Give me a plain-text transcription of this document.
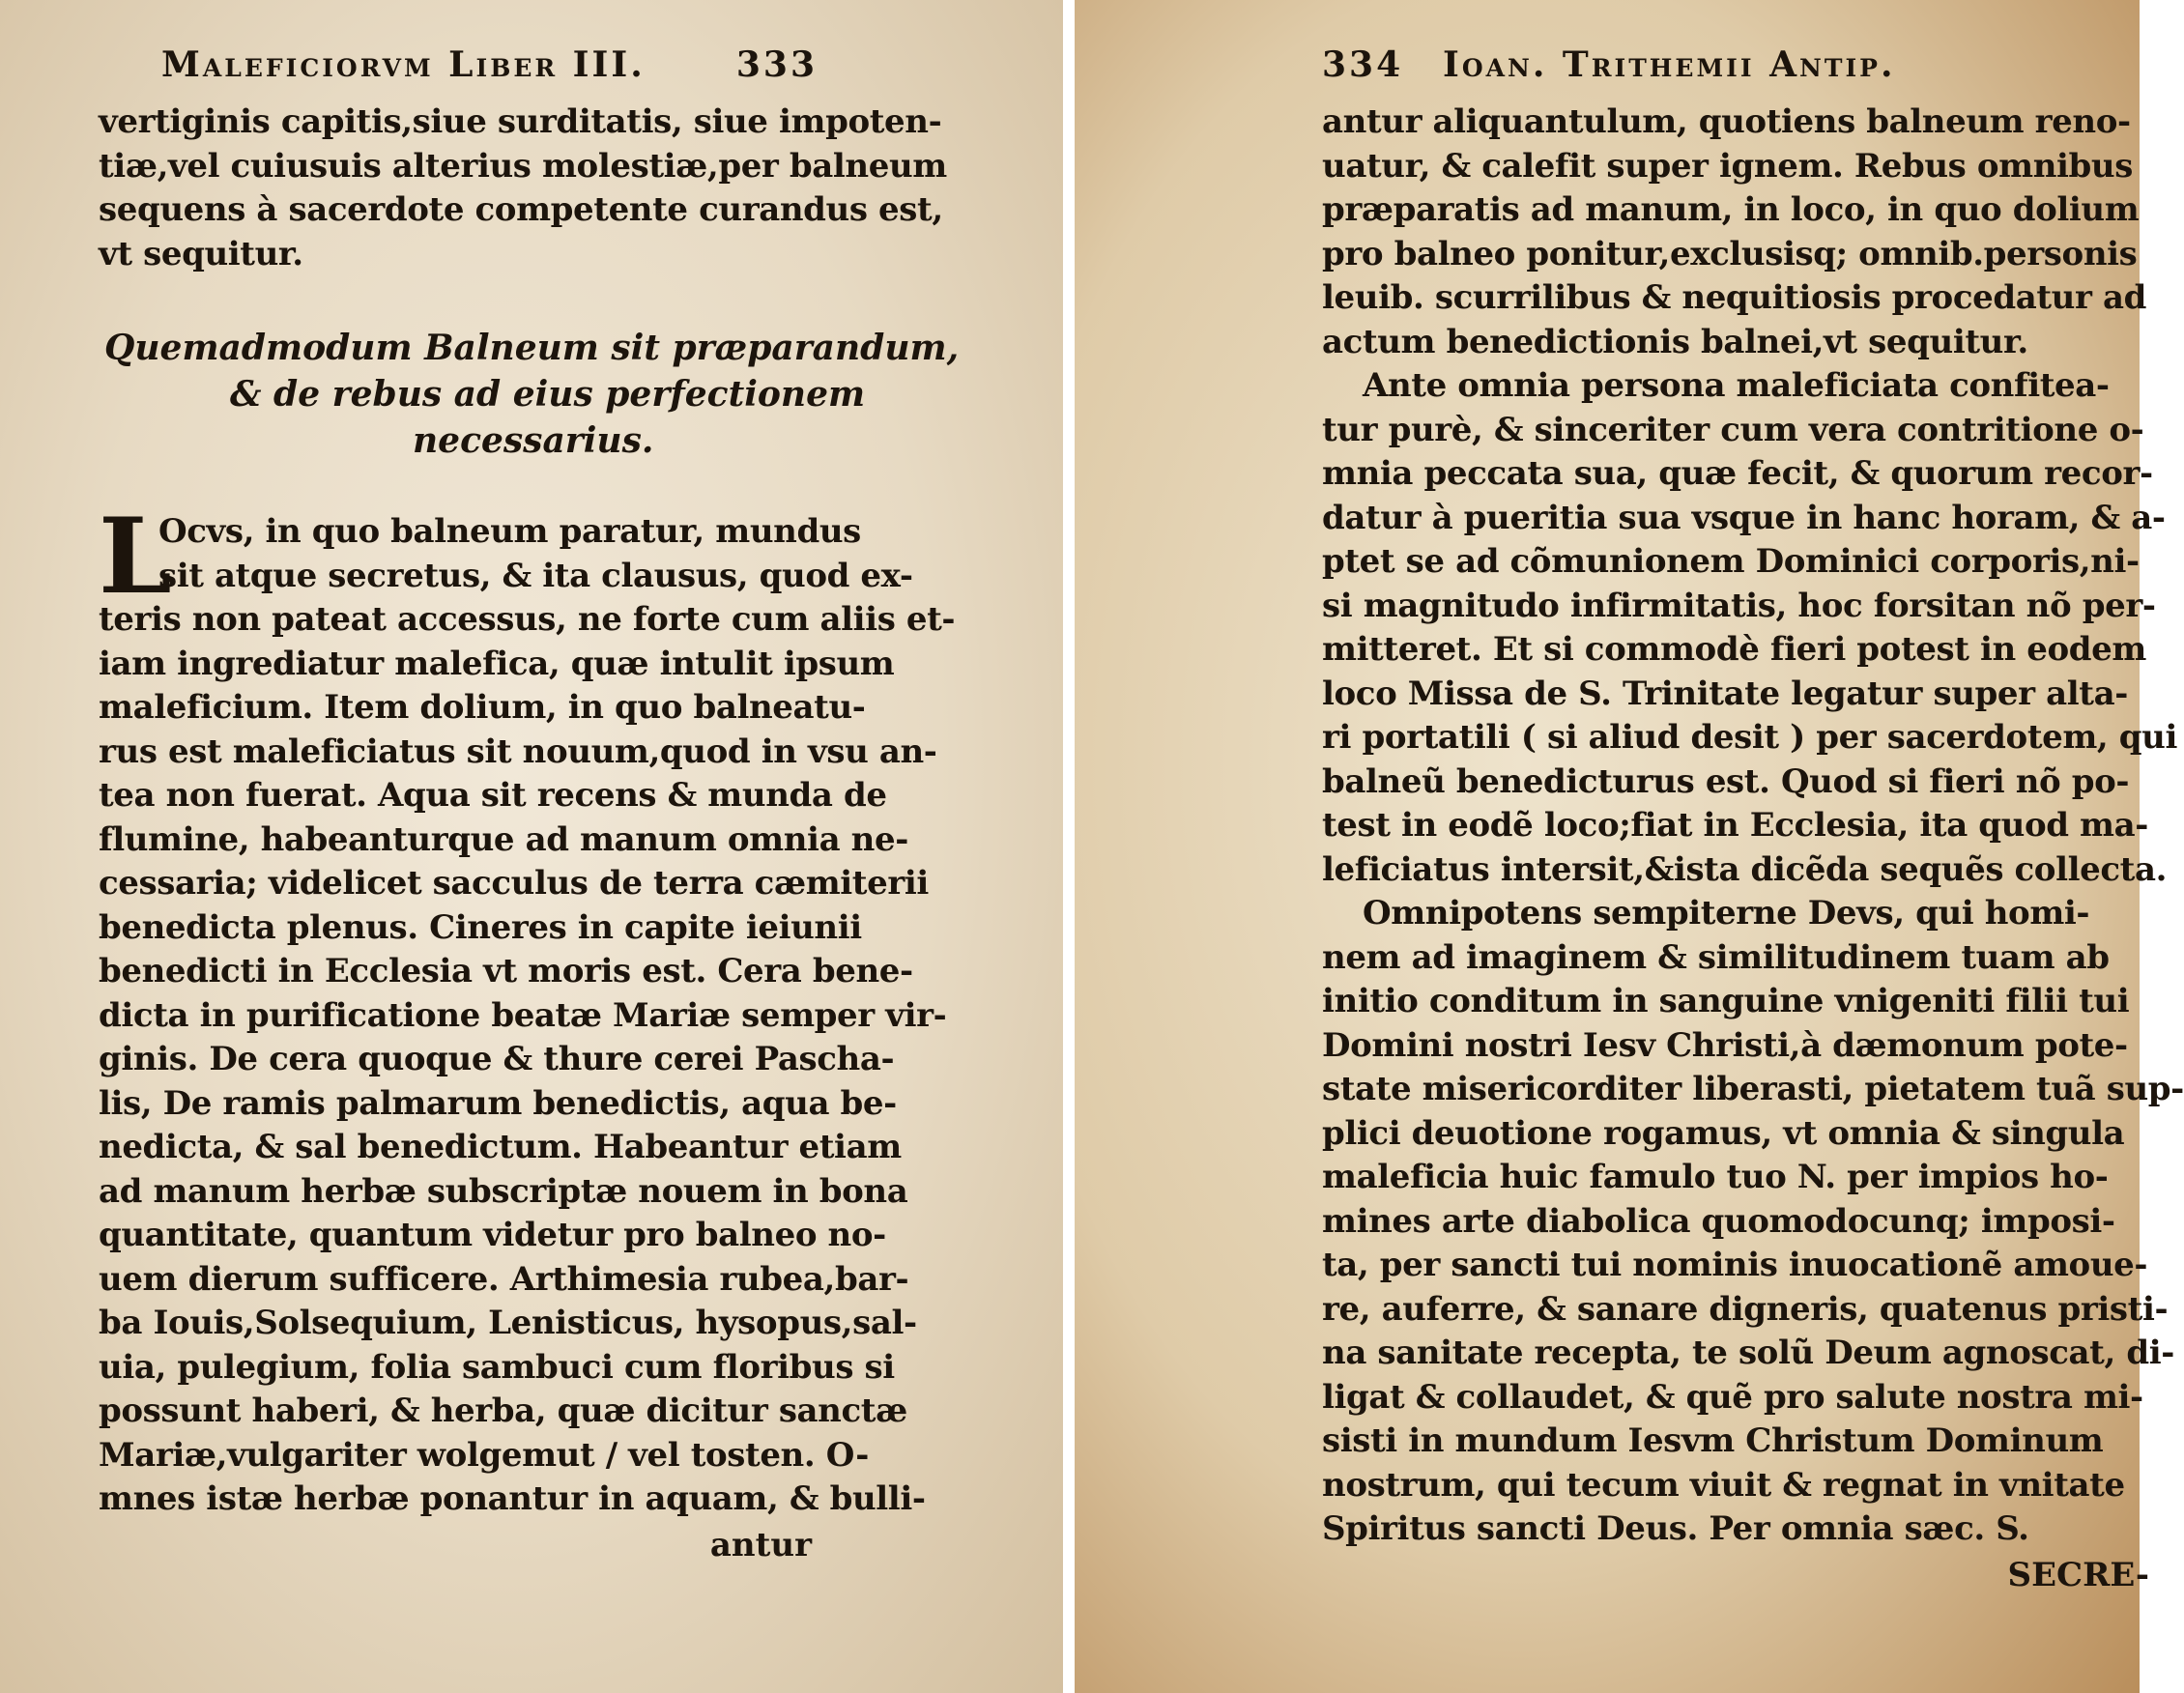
Maleficiorvm Liber III.	333
vertiginis capitis,siue surditatis, siue impoten-
tiæ,vel cuiusuis alterius molestiæ,per balneum
sequens à sacerdote competente curandus est,
vt sequitur.
Quemadmodum Balneum sit præparandum,
& de rebus ad eius perfectionem
necessarius.
L
Ocvs, in quo balneum paratur, mundus
sit atque secretus, & ita clausus, quod ex-
teris non pateat accessus, ne forte cum aliis et-
iam ingrediatur malefica, quæ intulit ipsum
maleficium. Item dolium, in quo balneatu-
rus est maleficiatus sit nouum,quod in vsu an-
tea non fuerat. Aqua sit recens & munda de
flumine, habeanturque ad manum omnia ne-
cessaria; videlicet sacculus de terra cæmiterii
benedicta plenus. Cineres in capite ieiunii
benedicti in Ecclesia vt moris est. Cera bene-
dicta in purificatione beatæ Mariæ semper vir-
ginis. De cera quoque & thure cerei Pascha-
lis, De ramis palmarum benedictis, aqua be-
nedicta, & sal benedictum. Habeantur etiam
ad manum herbæ subscriptæ nouem in bona
quantitate, quantum videtur pro balneo no-
uem dierum sufficere. Arthimesia rubea,bar-
ba Iouis,Solsequium, Lenisticus, hysopus,sal-
uia, pulegium, folia sambuci cum floribus si
possunt haberi, & herba, quæ dicitur sanctæ
Mariæ,vulgariter wolgemut / vel tosten. O-
mnes istæ herbæ ponantur in aquam, & bulli-
antur
334 Ioan. Trithemii Antip.
antur aliquantulum, quotiens balneum reno-
uatur, & calefit super ignem. Rebus omnibus
præparatis ad manum, in loco, in quo dolium
pro balneo ponitur,exclusisq; omnib.personis
leuib. scurrilibus & nequitiosis procedatur ad
actum benedictionis balnei,vt sequitur.
Ante omnia persona maleficiata confitea-
tur purè, & sinceriter cum vera contritione o-
mnia peccata sua, quæ fecit, & quorum recor-
datur à pueritia sua vsque in hanc horam, & a-
ptet se ad cõmunionem Dominici corporis,ni-
si magnitudo infirmitatis, hoc forsitan nõ per-
mitteret. Et si commodè fieri potest in eodem
loco Missa de S. Trinitate legatur super alta-
ri portatili ( si aliud desit ) per sacerdotem, qui
balneũ benedicturus est. Quod si fieri nõ po-
test in eodẽ loco;fiat in Ecclesia, ita quod ma-
leficiatus intersit,&ista dicẽda sequẽs collecta.
Omnipotens sempiterne Devs, qui homi-
nem ad imaginem & similitudinem tuam ab
initio conditum in sanguine vnigeniti filii tui
Domini nostri Iesv Christi,à dæmonum pote-
state misericorditer liberasti, pietatem tuã sup-
plici deuotione rogamus, vt omnia & singula
maleficia huic famulo tuo N. per impios ho-
mines arte diabolica quomodocunq; imposi-
ta, per sancti tui nominis inuocationẽ amoue-
re, auferre, & sanare digneris, quatenus pristi-
na sanitate recepta, te solũ Deum agnoscat, di-
ligat & collaudet, & quẽ pro salute nostra mi-
sisti in mundum Iesvm Christum Dominum
nostrum, qui tecum viuit & regnat in vnitate
Spiritus sancti Deus. Per omnia sæc. S.
SECRE-
